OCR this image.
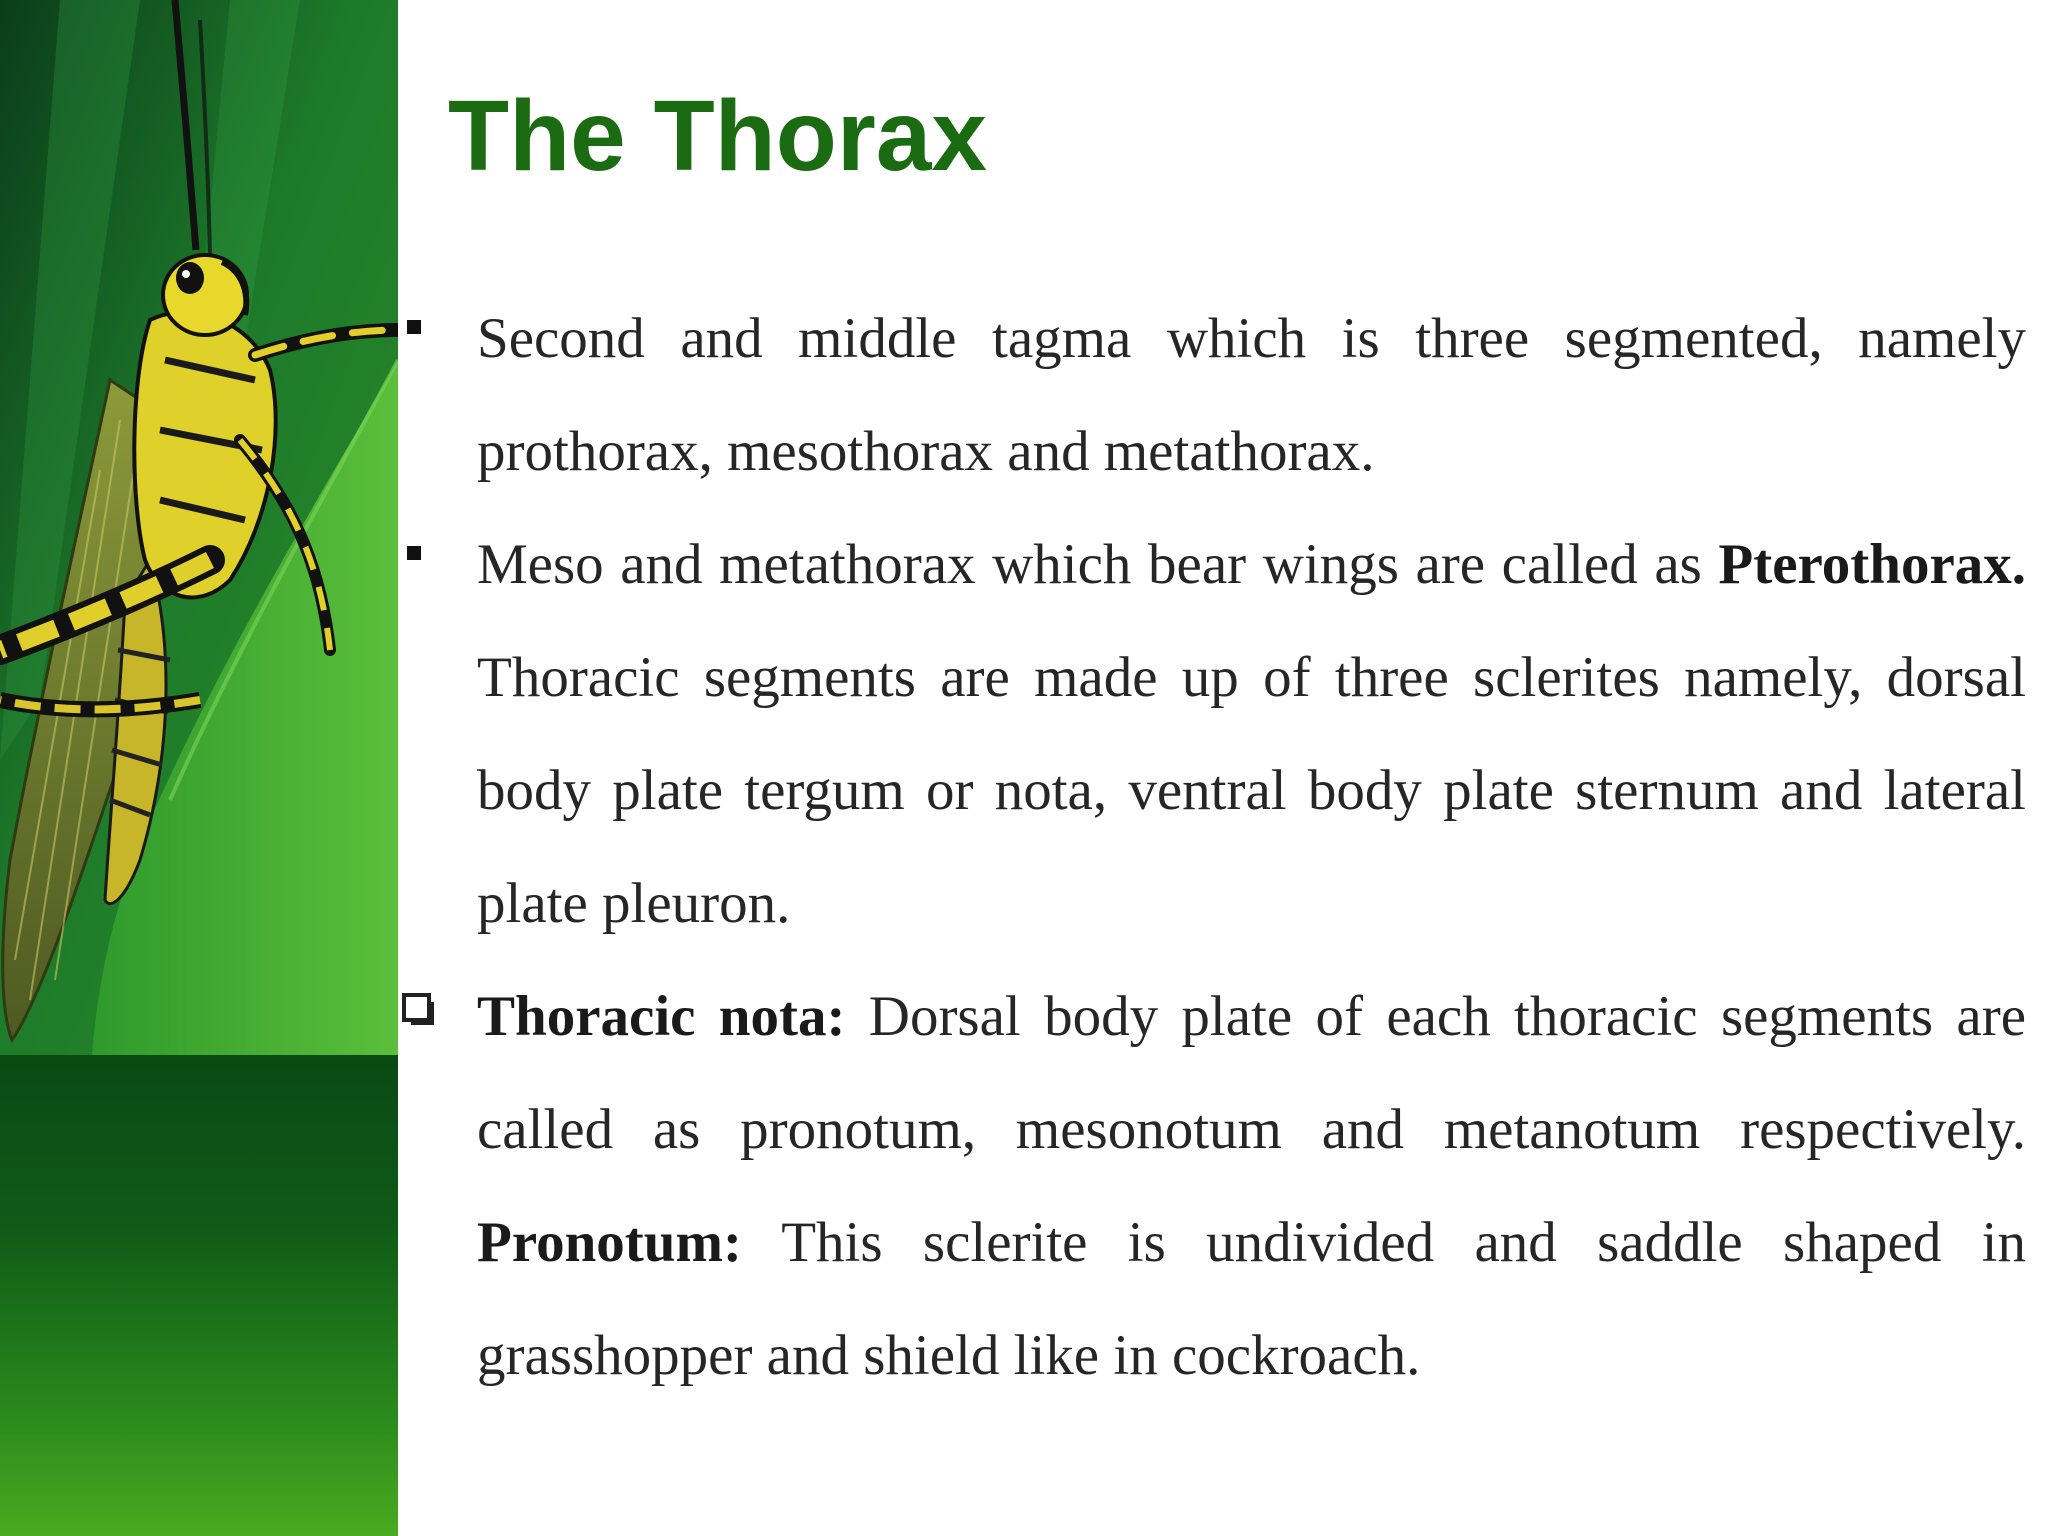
The Thorax
Second and middle tagma which is three segmented, namely prothorax, mesothorax and metathorax.
Meso and metathorax which bear wings are called as Pterothorax. Thoracic segments are made up of three sclerites namely, dorsal body plate tergum or nota, ventral body plate sternum and lateral plate pleuron.
Thoracic nota: Dorsal body plate of each thoracic segments are called as pronotum, mesonotum and metanotum respectively. Pronotum: This sclerite is undivided and saddle shaped in grasshopper and shield like in cockroach.
